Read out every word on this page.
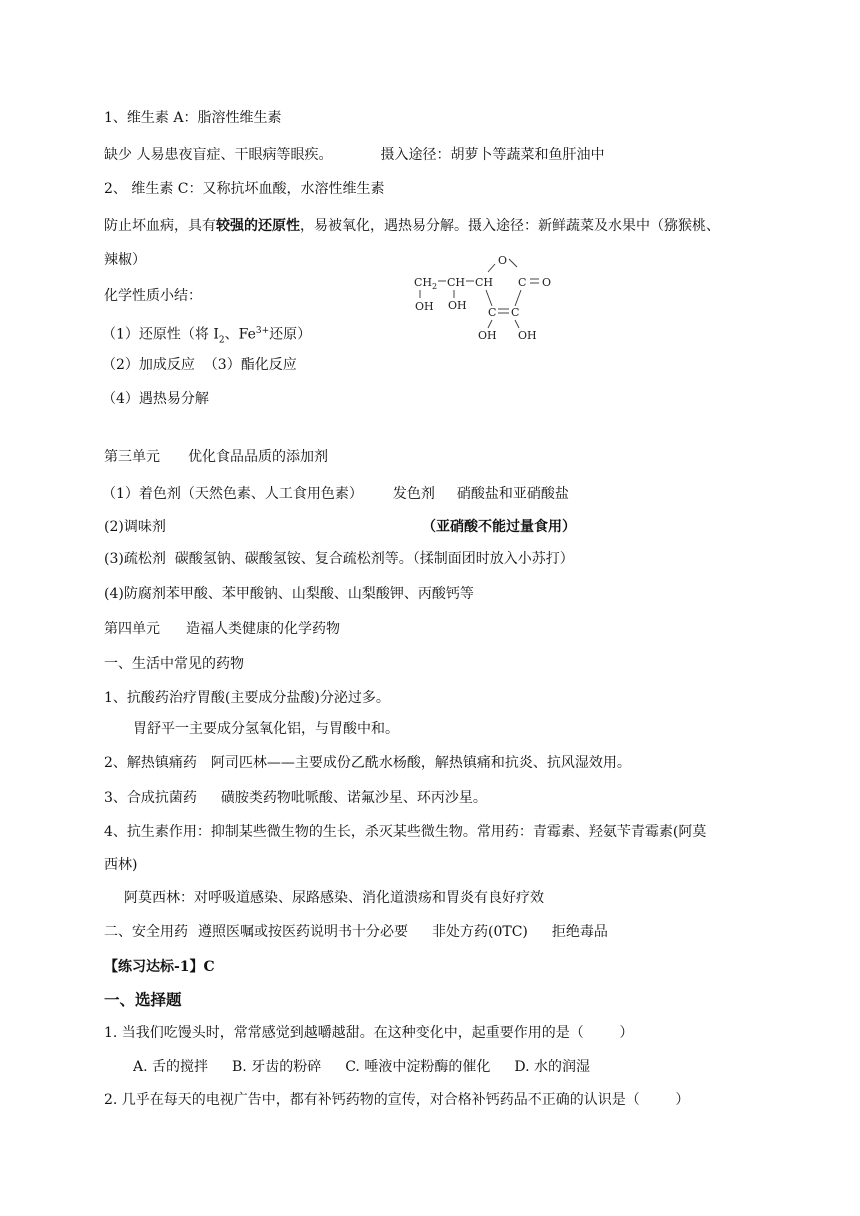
1、维生素 A：脂溶性维生素
缺少 人易患夜盲症、干眼病等眼疾。	摄入途径：胡萝卜等蔬菜和鱼肝油中
2、 维生素 C：又称抗坏血酸，水溶性维生素
防止坏血病，具有较强的还原性，易被氧化，遇热易分解。摄入途径：新鲜蔬菜及水果中（猕猴桃、
辣椒）
化学性质小结：
（1）还原性（将 $I_2$、$Fe^{3+}$还原）
（2）加成反应  （3）酯化反应
（4）遇热易分解
$CH_2$ CH CH
OH OH
O
C O
C C
OH OH
第三单元 优化食品品质的添加剂
（1）着色剂（天然色素、人工食用色素） 发色剂 硝酸盐和亚硝酸盐
(2)调味剂	（亚硝酸不能过量食用）
(3)疏松剂  碳酸氢钠、碳酸氢铵、复合疏松剂等。（揉制面团时放入小苏打）
(4)防腐剂苯甲酸、苯甲酸钠、山梨酸、山梨酸钾、丙酸钙等
第四单元 造福人类健康的化学药物
一、生活中常见的药物
1、抗酸药治疗胃酸(主要成分盐酸)分泌过多。
胃舒平一主要成分氢氧化铝，与胃酸中和。
2、解热镇痛药 阿司匹林——主要成份乙酰水杨酸，解热镇痛和抗炎、抗风湿效用。
3、合成抗菌药 磺胺类药物吡哌酸、诺氟沙星、环丙沙星。
4、抗生素作用：抑制某些微生物的生长，杀灭某些微生物。常用药：青霉素、羟氨苄青霉素(阿莫
西林)
阿莫西林：对呼吸道感染、尿路感染、消化道溃疡和胃炎有良好疗效
二、安全用药 遵照医嘱或按医药说明书十分必要 非处方药(0TC) 拒绝毒品
【练习达标-1】C
一、选择题
1. 当我们吃馒头时，常常感觉到越嚼越甜。在这种变化中，起重要作用的是（        ）
A. 舌的搅拌 B. 牙齿的粉碎 C. 唾液中淀粉酶的催化 D. 水的润湿
2. 几乎在每天的电视广告中，都有补钙药物的宣传，对合格补钙药品不正确的认识是（        ）
